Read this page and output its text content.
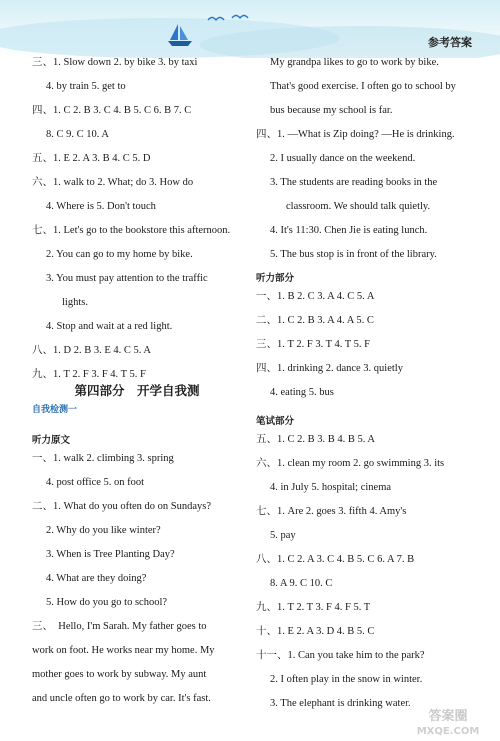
参考答案
三、1. Slow down 2. by bike 3. by taxi
4. by train 5. get to
四、1. C 2. B 3. C 4. B 5. C 6. B 7. C
8. C 9. C 10. A
五、1. E 2. A 3. B 4. C 5. D
六、1. walk to 2. What; do 3. How do
4. Where is 5. Don't touch
七、1. Let's go to the bookstore this afternoon.
2. You can go to my home by bike.
3. You must pay attention to the traffic
lights.
4. Stop and wait at a red light.
八、1. D 2. B 3. E 4. C 5. A
九、1. T 2. F 3. F 4. T 5. F
第四部分　开学自我测
自我检测一
听力原文
一、1. walk 2. climbing 3. spring
4. post office 5. on foot
二、1. What do you often do on Sundays?
2. Why do you like winter?
3. When is Tree Planting Day?
4. What are they doing?
5. How do you go to school?
三、　Hello, I'm Sarah. My father goes to
work on foot. He works near my home. My
mother goes to work by subway. My aunt
and uncle often go to work by car. It's fast.
My grandpa likes to go to work by bike.
That's good exercise. I often go to school by
bus because my school is far.
四、1. —What is Zip doing? —He is drinking.
2. I usually dance on the weekend.
3. The students are reading books in the
classroom. We should talk quietly.
4. It's 11:30. Chen Jie is eating lunch.
5. The bus stop is in front of the library.
听力部分
一、1. B 2. C 3. A 4. C 5. A
二、1. C 2. B 3. A 4. A 5. C
三、1. T 2. F 3. T 4. T 5. F
四、1. drinking 2. dance 3. quietly
4. eating 5. bus
笔试部分
五、1. C 2. B 3. B 4. B 5. A
六、1. clean my room 2. go swimming 3. its
4. in July 5. hospital; cinema
七、1. Are 2. goes 3. fifth 4. Amy's
5. pay
八、1. C 2. A 3. C 4. B 5. C 6. A 7. B
8. A 9. C 10. C
九、1. T 2. T 3. F 4. F 5. T
十、1. E 2. A 3. D 4. B 5. C
十一、1. Can you take him to the park?
2. I often play in the snow in winter.
3. The elephant is drinking water.
答案圈
MXQE.COM
